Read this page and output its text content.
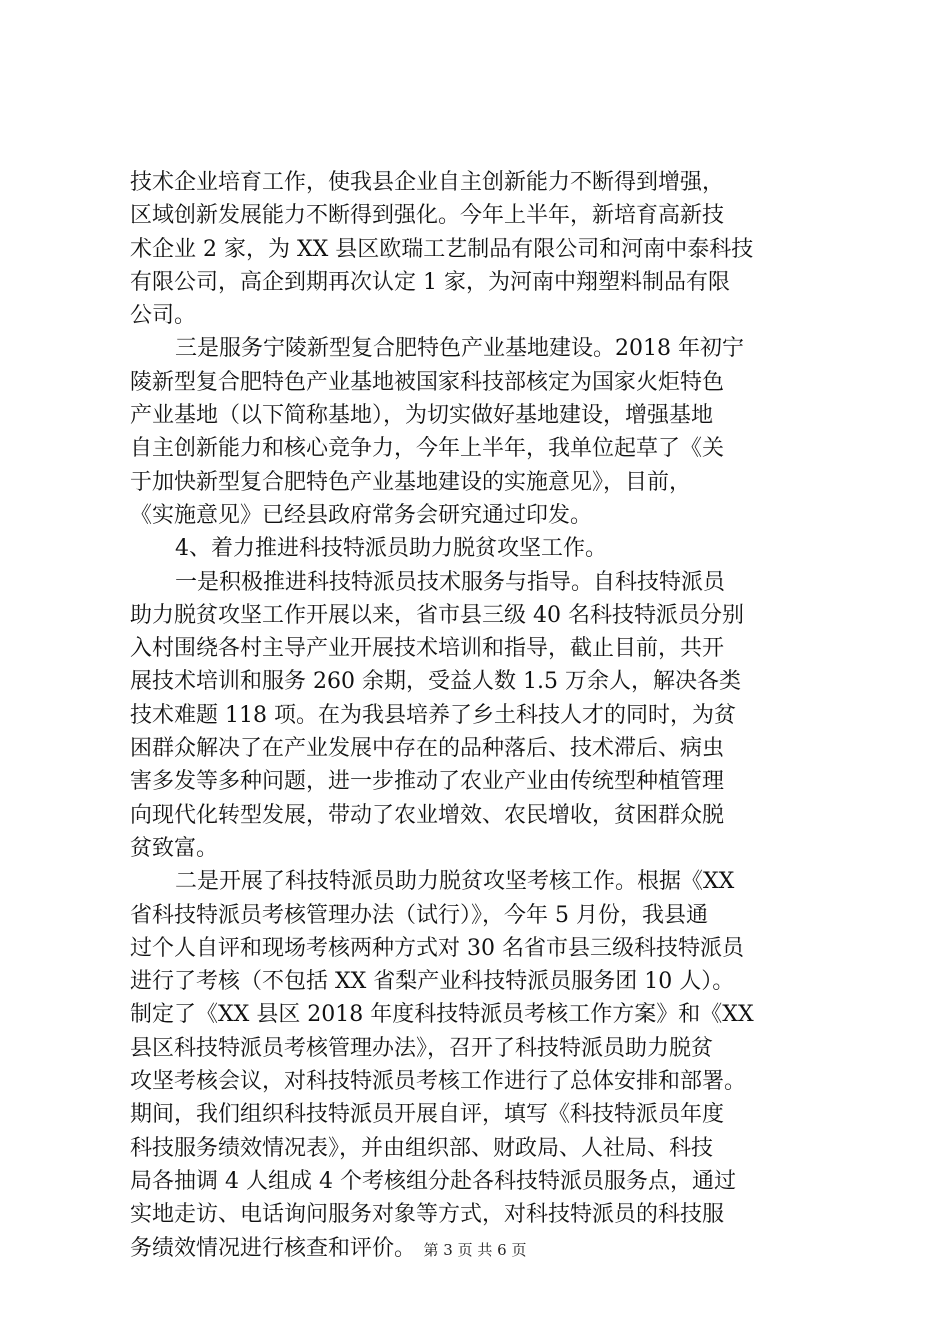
技术企业培育工作，使我县企业自主创新能力不断得到增强，
区域创新发展能力不断得到强化。今年上半年，新培育高新技
术企业 2 家，为 XX 县区欧瑞工艺制品有限公司和河南中泰科技
有限公司，高企到期再次认定 1 家，为河南中翔塑料制品有限
公司。
三是服务宁陵新型复合肥特色产业基地建设。2018 年初宁
陵新型复合肥特色产业基地被国家科技部核定为国家火炬特色
产业基地（以下简称基地），为切实做好基地建设，增强基地
自主创新能力和核心竞争力，今年上半年，我单位起草了《关
于加快新型复合肥特色产业基地建设的实施意见》，目前，
《实施意见》已经县政府常务会研究通过印发。
4、着力推进科技特派员助力脱贫攻坚工作。
一是积极推进科技特派员技术服务与指导。自科技特派员
助力脱贫攻坚工作开展以来，省市县三级 40 名科技特派员分别
入村围绕各村主导产业开展技术培训和指导，截止目前，共开
展技术培训和服务 260 余期，受益人数 1.5 万余人，解决各类
技术难题 118 项。在为我县培养了乡土科技人才的同时，为贫
困群众解决了在产业发展中存在的品种落后、技术滞后、病虫
害多发等多种问题，进一步推动了农业产业由传统型种植管理
向现代化转型发展，带动了农业增效、农民增收，贫困群众脱
贫致富。
二是开展了科技特派员助力脱贫攻坚考核工作。根据《XX
省科技特派员考核管理办法（试行）》，今年 5 月份，我县通
过个人自评和现场考核两种方式对 30 名省市县三级科技特派员
进行了考核（不包括 XX 省梨产业科技特派员服务团 10 人）。
制定了《XX 县区 2018 年度科技特派员考核工作方案》和《XX
县区科技特派员考核管理办法》，召开了科技特派员助力脱贫
攻坚考核会议，对科技特派员考核工作进行了总体安排和部署。
期间，我们组织科技特派员开展自评，填写《科技特派员年度
科技服务绩效情况表》，并由组织部、财政局、人社局、科技
局各抽调 4 人组成 4 个考核组分赴各科技特派员服务点，通过
实地走访、电话询问服务对象等方式，对科技特派员的科技服
务绩效情况进行核查和评价。 第 3 页 共 6 页
